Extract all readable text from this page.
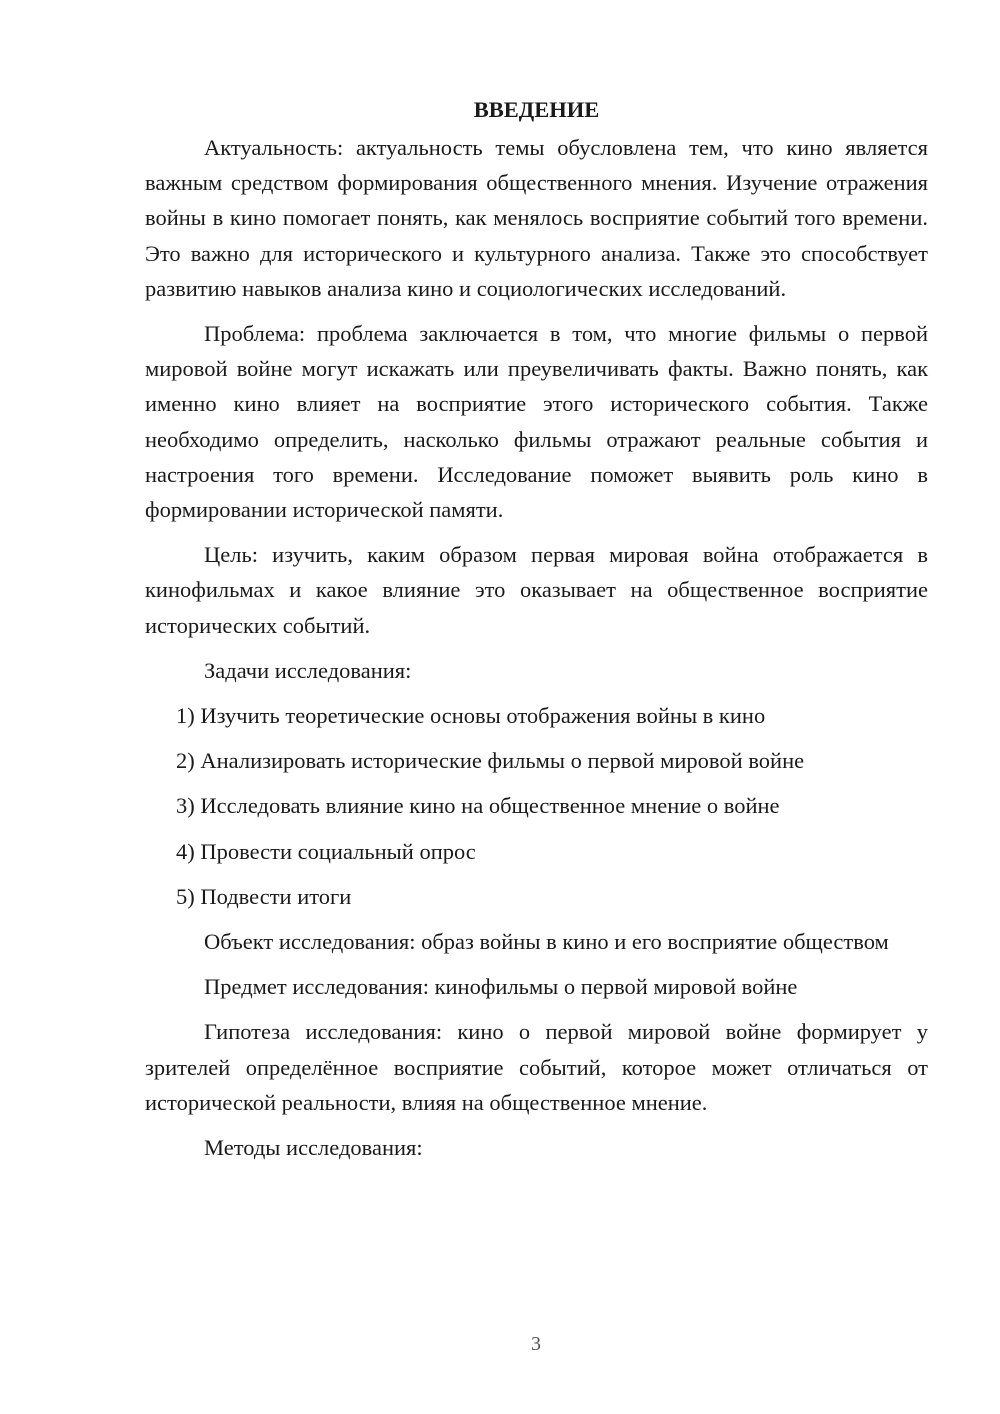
ВВЕДЕНИЕ

Актуальность: актуальность темы обусловлена тем, что кино является важным средством формирования общественного мнения. Изучение отражения войны в кино помогает понять, как менялось восприятие событий того времени. Это важно для исторического и культурного анализа. Также это способствует развитию навыков анализа кино и социологических исследований.

Проблема: проблема заключается в том, что многие фильмы о первой мировой войне могут искажать или преувеличивать факты. Важно понять, как именно кино влияет на восприятие этого исторического события. Также необходимо определить, насколько фильмы отражают реальные события и настроения того времени. Исследование поможет выявить роль кино в формировании исторической памяти.

Цель: изучить, каким образом первая мировая война отображается в кинофильмах и какое влияние это оказывает на общественное восприятие исторических событий.

Задачи исследования:

1) Изучить теоретические основы отображения войны в кино

2) Анализировать исторические фильмы о первой мировой войне

3) Исследовать влияние кино на общественное мнение о войне

4) Провести социальный опрос

5) Подвести итоги

Объект исследования: образ войны в кино и его восприятие обществом

Предмет исследования: кинофильмы о первой мировой войне

Гипотеза исследования: кино о первой мировой войне формирует у зрителей определённое восприятие событий, которое может отличаться от исторической реальности, влияя на общественное мнение.

Методы исследования:

3
